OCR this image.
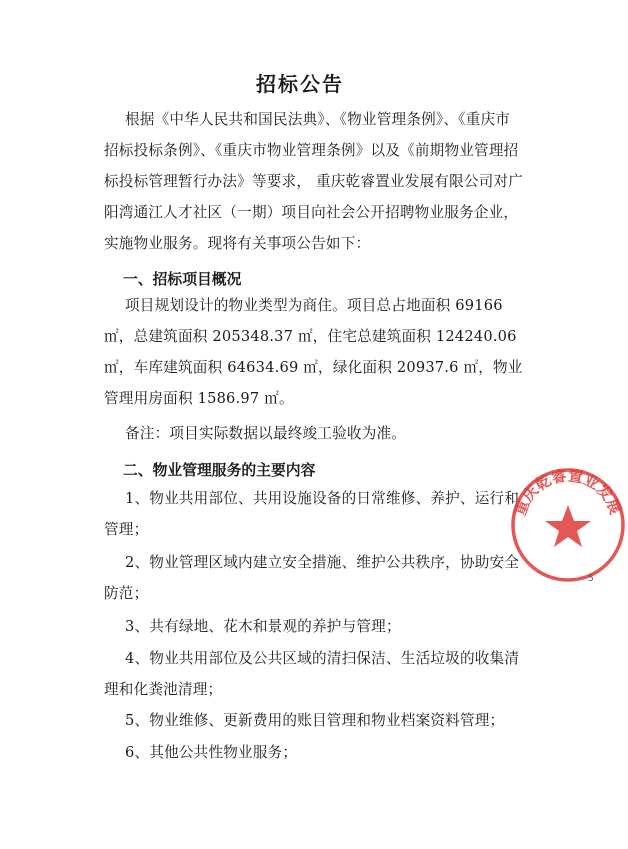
招标公告

根据《中华人民共和国民法典》、《物业管理条例》、《重庆市招标投标条例》、《重庆市物业管理条例》以及《前期物业管理招标投标管理暂行办法》等要求， 重庆乾睿置业发展有限公司对广阳湾通江人才社区（一期）项目向社会公开招聘物业服务企业，实施物业服务。现将有关事项公告如下：

一、招标项目概况

项目规划设计的物业类型为商住。项目总占地面积 69166 ㎡，总建筑面积 205348.37 ㎡，住宅总建筑面积 124240.06 ㎡，车库建筑面积 64634.69 ㎡，绿化面积 20937.6 ㎡，物业管理用房面积 1586.97 ㎡。

备注：项目实际数据以最终竣工验收为准。

二、物业管理服务的主要内容

1、物业共用部位、共用设施设备的日常维修、养护、运行和管理；

2、物业管理区域内建立安全措施、维护公共秩序，协助安全防范；

3、共有绿地、花木和景观的养护与管理；

4、物业共用部位及公共区域的清扫保洁、生活垃圾的收集清理和化粪池清理；

5、物业维修、更新费用的账目管理和物业档案资料管理；

6、其他公共性物业服务；

重庆乾睿置业发展
5
